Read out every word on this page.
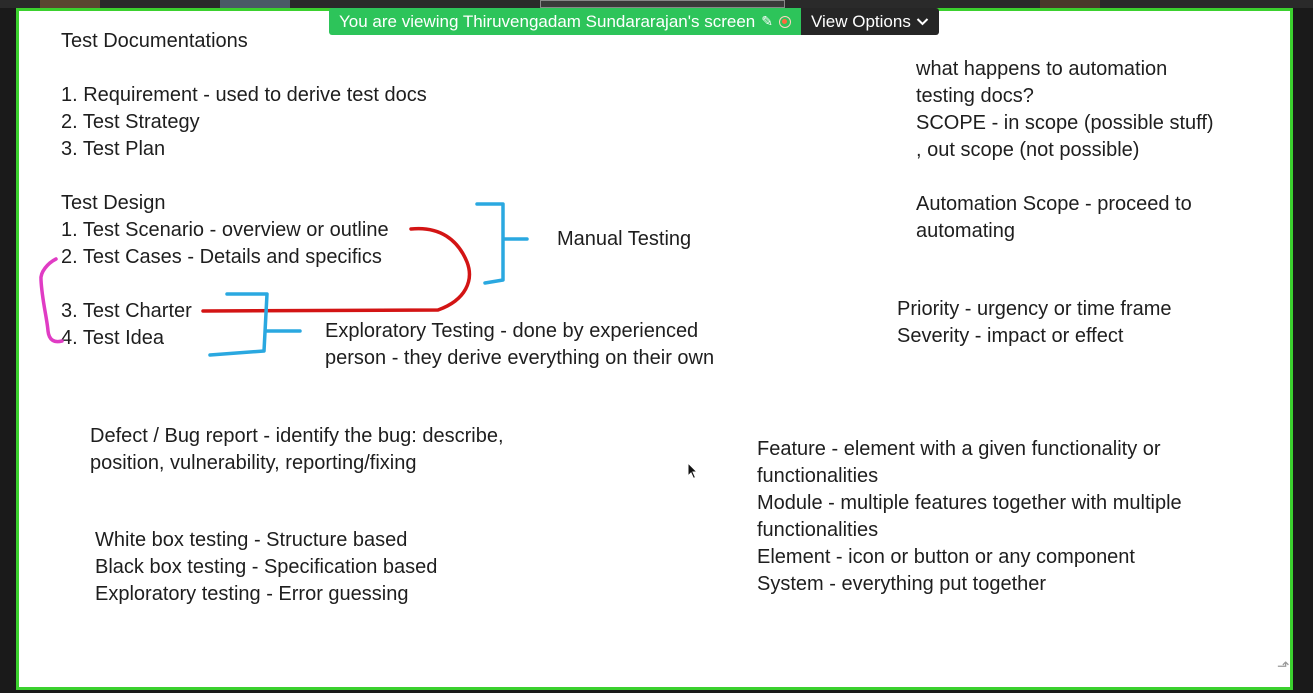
You are viewing Thiruvengadam Sundararajan's screen ✎ View Options
Test Documentations
1. Requirement - used to derive test docs
2. Test Strategy
3. Test Plan
Test Design
1. Test Scenario - overview or outline
2. Test Cases - Details and specifics
3. Test Charter
4. Test Idea
Manual Testing
Exploratory Testing - done by experienced
person - they derive everything on their own
Defect / Bug report - identify the bug: describe,
position, vulnerability, reporting/fixing
White box testing - Structure based
Black box testing - Specification based
Exploratory testing - Error guessing
what happens to automation
testing docs?
SCOPE - in scope (possible stuff)
, out scope (not possible)
Automation Scope - proceed to
automating
Priority - urgency or time frame
Severity - impact or effect
Feature - element with a given functionality or
functionalities
Module - multiple features together with multiple
functionalities
Element - icon or button or any component
System - everything put together
⬏
